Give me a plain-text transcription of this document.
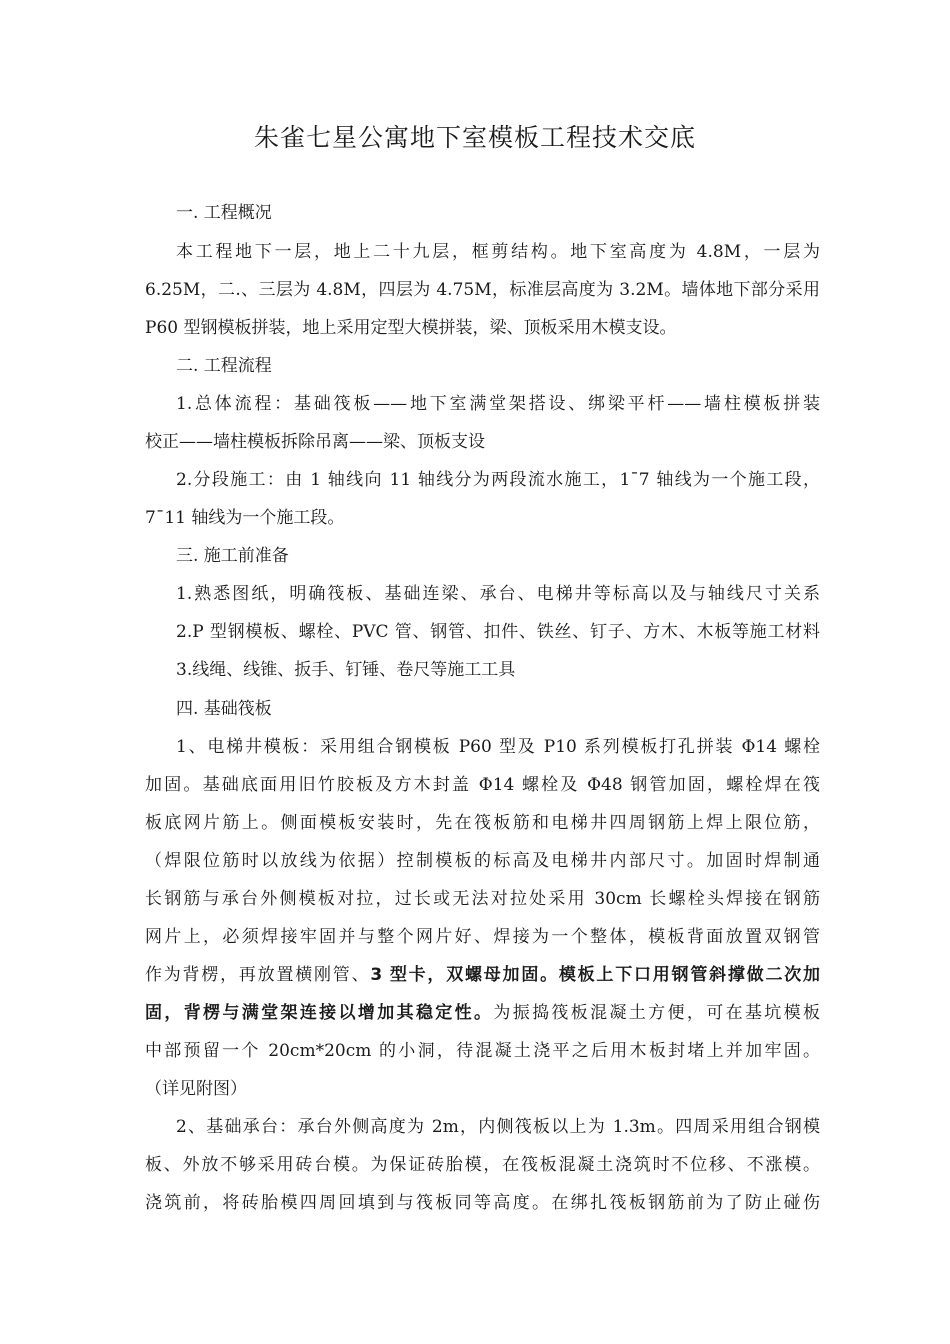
朱雀七星公寓地下室模板工程技术交底
一. 工程概况
本工程地下一层，地上二十九层，框剪结构。地下室高度为 4.8M，一层为
6.25M，二.、三层为 4.8M，四层为 4.75M，标准层高度为 3.2M。墙体地下部分采用
P60 型钢模板拼装，地上采用定型大模拼装，梁、顶板采用木模支设。
二. 工程流程
1.总体流程：基础筏板——地下室满堂架搭设、绑梁平杆——墙柱模板拼装
校正——墙柱模板拆除吊离——梁、顶板支设
2.分段施工：由 1 轴线向 11 轴线分为两段流水施工，1¯7 轴线为一个施工段，
7¯11 轴线为一个施工段。
三. 施工前准备
1.熟悉图纸，明确筏板、基础连梁、承台、电梯井等标高以及与轴线尺寸关系
2.P 型钢模板、螺栓、PVC 管、钢管、扣件、铁丝、钉子、方木、木板等施工材料
3.线绳、线锥、扳手、钉锤、卷尺等施工工具
四. 基础筏板
1、电梯井模板：采用组合钢模板 P60 型及 P10 系列模板打孔拼装 Φ14 螺栓
加固。基础底面用旧竹胶板及方木封盖 Φ14 螺栓及 Φ48 钢管加固，螺栓焊在筏
板底网片筋上。侧面模板安装时，先在筏板筋和电梯井四周钢筋上焊上限位筋，
（焊限位筋时以放线为依据）控制模板的标高及电梯井内部尺寸。加固时焊制通
长钢筋与承台外侧模板对拉，过长或无法对拉处采用 30cm 长螺栓头焊接在钢筋
网片上，必须焊接牢固并与整个网片好、焊接为一个整体，模板背面放置双钢管
作为背楞，再放置横刚管、3 型卡，双螺母加固。模板上下口用钢管斜撑做二次加
固，背楞与满堂架连接以增加其稳定性。为振捣筏板混凝土方便，可在基坑模板
中部预留一个 20cm*20cm 的小洞，待混凝土浇平之后用木板封堵上并加牢固。
（详见附图）
2、基础承台：承台外侧高度为 2m，内侧筏板以上为 1.3m。四周采用组合钢模
板、外放不够采用砖台模。为保证砖胎模，在筏板混凝土浇筑时不位移、不涨模。
浇筑前，将砖胎模四周回填到与筏板同等高度。在绑扎筏板钢筋前为了防止碰伤
